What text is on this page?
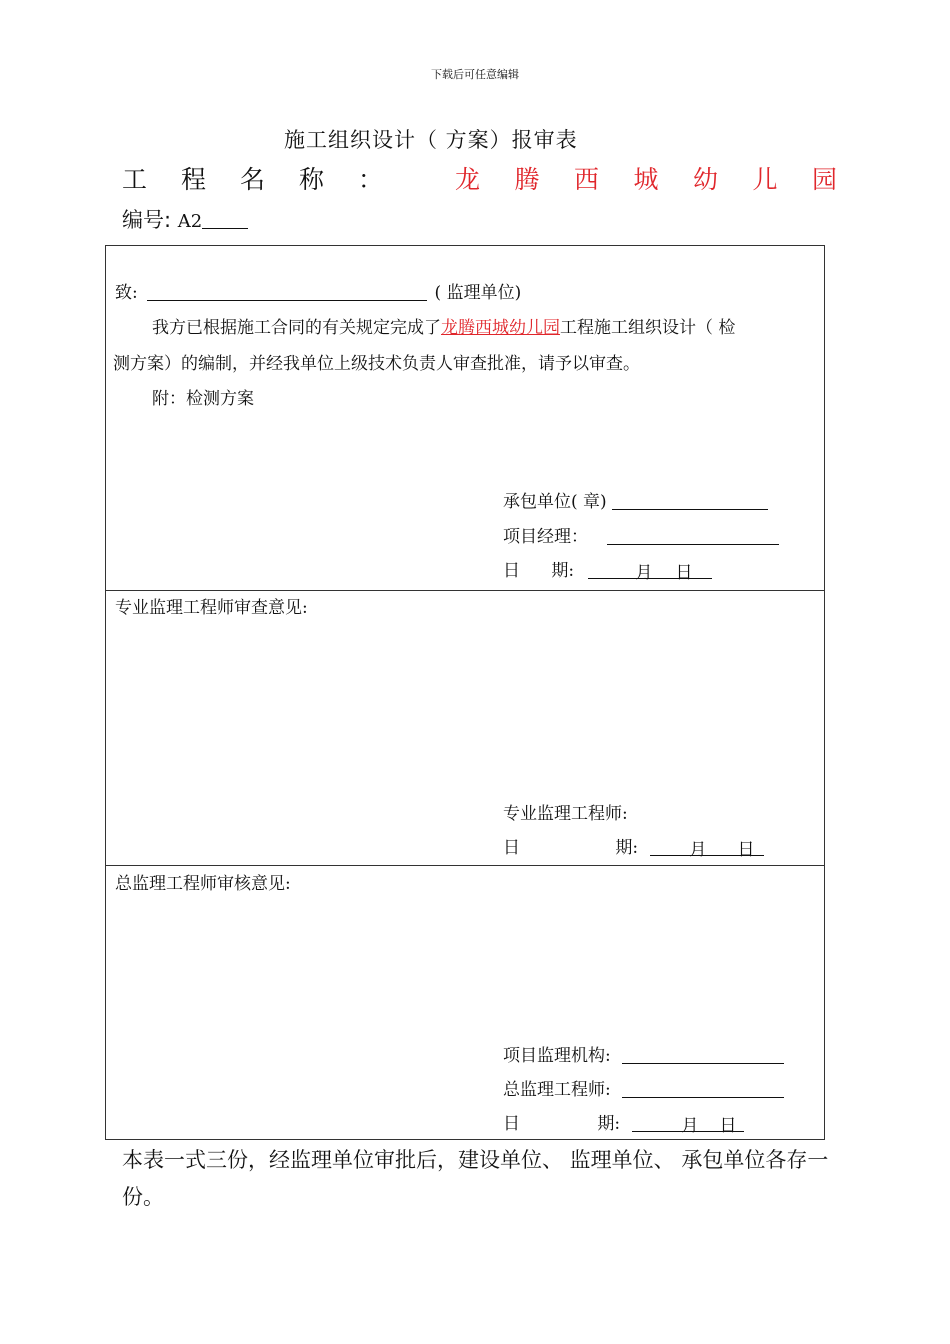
下载后可任意编辑
施工组织设计（ 方案）报审表
工	程	名	称	：	龙	腾	西	城	幼	儿	园
编号: A2
致:	( 监理单位)
我方已根据施工合同的有关规定完成了龙腾西城幼儿园工程施工组织设计（ 检
测方案）的编制，并经我单位上级技术负责人审查批准，请予以审查。
附：检测方案
承包单位( 章)
项目经理：
日 期:	月 日
专业监理工程师审查意见:
专业监理工程师:
日	期:	月 日
总监理工程师审核意见:
项目监理机构:
总监理工程师:
日	期:	月 日
本表一式三份，经监理单位审批后，建设单位、 监理单位、 承包单位各存一份。
